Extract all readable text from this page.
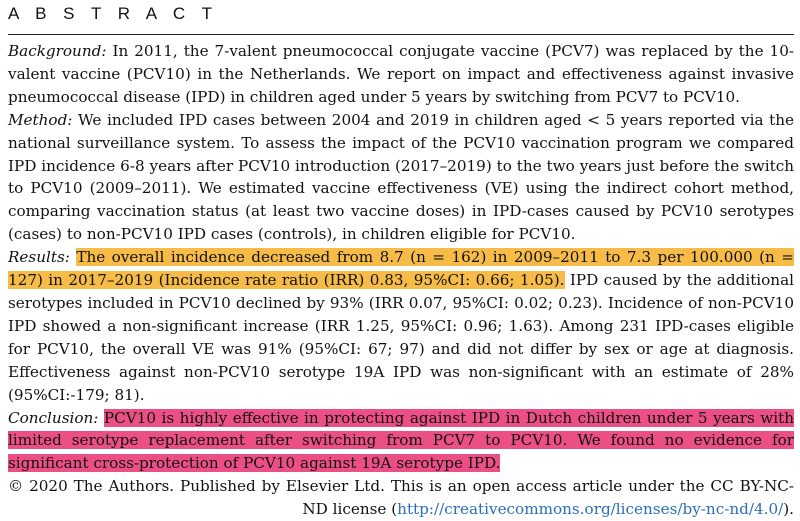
A B S T R A C T

Background: In 2011, the 7-valent pneumococcal conjugate vaccine (PCV7) was replaced by the 10-valent vaccine (PCV10) in the Netherlands. We report on impact and effectiveness against invasive pneumococcal disease (IPD) in children aged under 5 years by switching from PCV7 to PCV10.

Method: We included IPD cases between 2004 and 2019 in children aged < 5 years reported via the national surveillance system. To assess the impact of the PCV10 vaccination program we compared IPD incidence 6-8 years after PCV10 introduction (2017–2019) to the two years just before the switch to PCV10 (2009–2011). We estimated vaccine effectiveness (VE) using the indirect cohort method, comparing vaccination status (at least two vaccine doses) in IPD-cases caused by PCV10 serotypes (cases) to non-PCV10 IPD cases (controls), in children eligible for PCV10.

Results: The overall incidence decreased from 8.7 (n = 162) in 2009–2011 to 7.3 per 100.000 (n = 127) in 2017–2019 (Incidence rate ratio (IRR) 0.83, 95%CI: 0.66; 1.05). IPD caused by the additional serotypes included in PCV10 declined by 93% (IRR 0.07, 95%CI: 0.02; 0.23). Incidence of non-PCV10 IPD showed a non-significant increase (IRR 1.25, 95%CI: 0.96; 1.63). Among 231 IPD-cases eligible for PCV10, the overall VE was 91% (95%CI: 67; 97) and did not differ by sex or age at diagnosis. Effectiveness against non-PCV10 serotype 19A IPD was non-significant with an estimate of 28% (95%CI:-179; 81).

Conclusion: PCV10 is highly effective in protecting against IPD in Dutch children under 5 years with limited serotype replacement after switching from PCV7 to PCV10. We found no evidence for significant cross-protection of PCV10 against 19A serotype IPD.

© 2020 The Authors. Published by Elsevier Ltd. This is an open access article under the CC BY-NC-ND license (http://creativecommons.org/licenses/by-nc-nd/4.0/).
